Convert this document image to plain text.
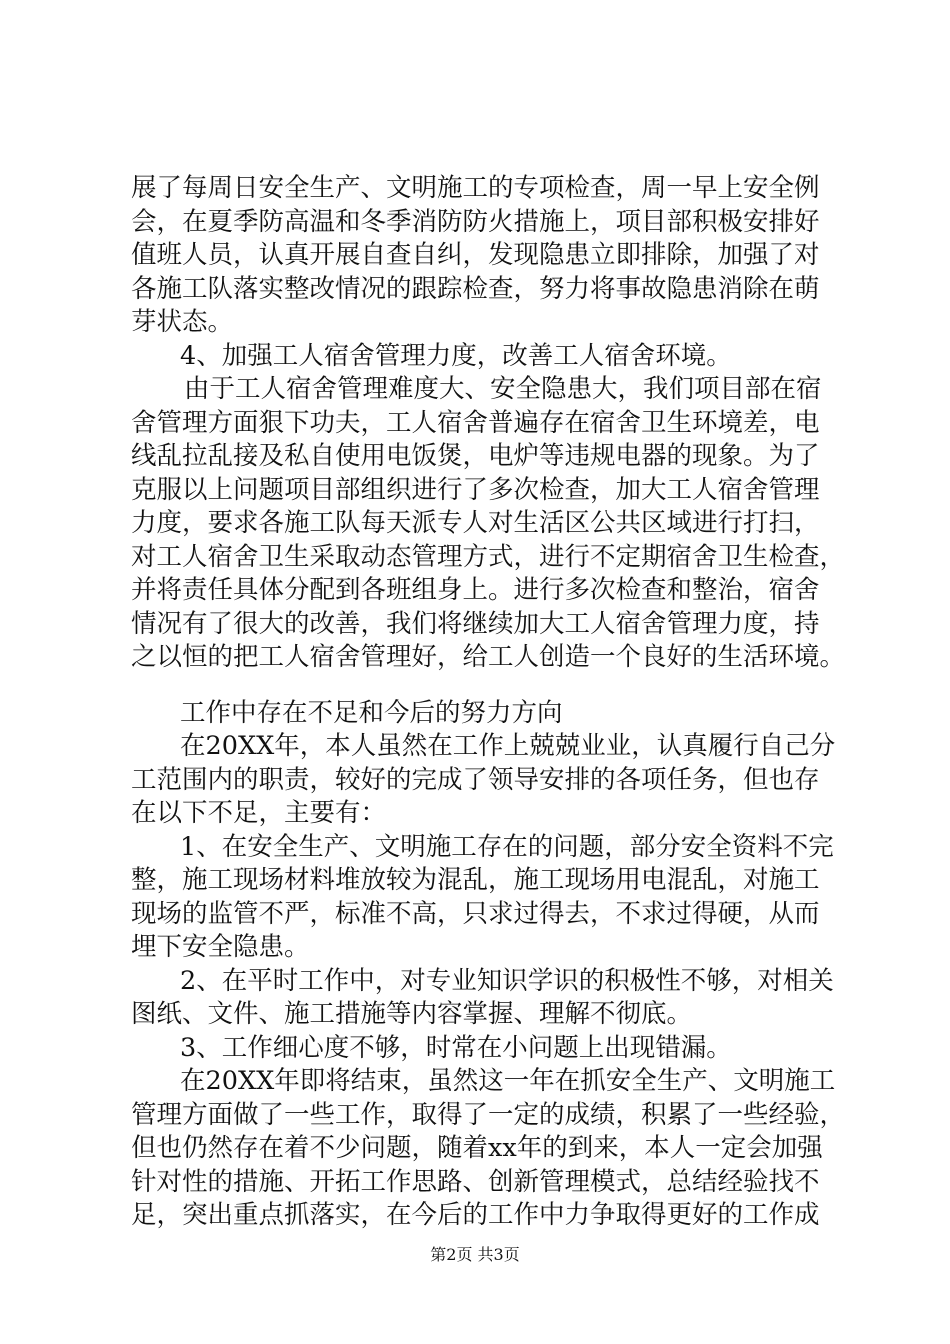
展了每周日安全生产、文明施工的专项检查，周一早上安全例
会，在夏季防高温和冬季消防防火措施上，项目部积极安排好
值班人员，认真开展自查自纠，发现隐患立即排除，加强了对
各施工队落实整改情况的跟踪检查，努力将事故隐患消除在萌
芽状态。
4、加强工人宿舍管理力度，改善工人宿舍环境。
由于工人宿舍管理难度大、安全隐患大，我们项目部在宿
舍管理方面狠下功夫，工人宿舍普遍存在宿舍卫生环境差，电
线乱拉乱接及私自使用电饭煲，电炉等违规电器的现象。为了
克服以上问题项目部组织进行了多次检查，加大工人宿舍管理
力度，要求各施工队每天派专人对生活区公共区域进行打扫，
对工人宿舍卫生采取动态管理方式，进行不定期宿舍卫生检查，
并将责任具体分配到各班组身上。进行多次检查和整治，宿舍
情况有了很大的改善，我们将继续加大工人宿舍管理力度，持
之以恒的把工人宿舍管理好，给工人创造一个良好的生活环境。
工作中存在不足和今后的努力方向
在20XX年，本人虽然在工作上兢兢业业，认真履行自己分
工范围内的职责，较好的完成了领导安排的各项任务，但也存
在以下不足，主要有：
1、在安全生产、文明施工存在的问题，部分安全资料不完
整，施工现场材料堆放较为混乱，施工现场用电混乱，对施工
现场的监管不严，标准不高，只求过得去，不求过得硬，从而
埋下安全隐患。
2、在平时工作中，对专业知识学识的积极性不够，对相关
图纸、文件、施工措施等内容掌握、理解不彻底。
3、工作细心度不够，时常在小问题上出现错漏。
在20XX年即将结束，虽然这一年在抓安全生产、文明施工
管理方面做了一些工作，取得了一定的成绩，积累了一些经验，
但也仍然存在着不少问题，随着xx年的到来，本人一定会加强
第2页 共3页
针对性的措施、开拓工作思路、创新管理模式，总结经验找不
足，突出重点抓落实，在今后的工作中力争取得更好的工作成
